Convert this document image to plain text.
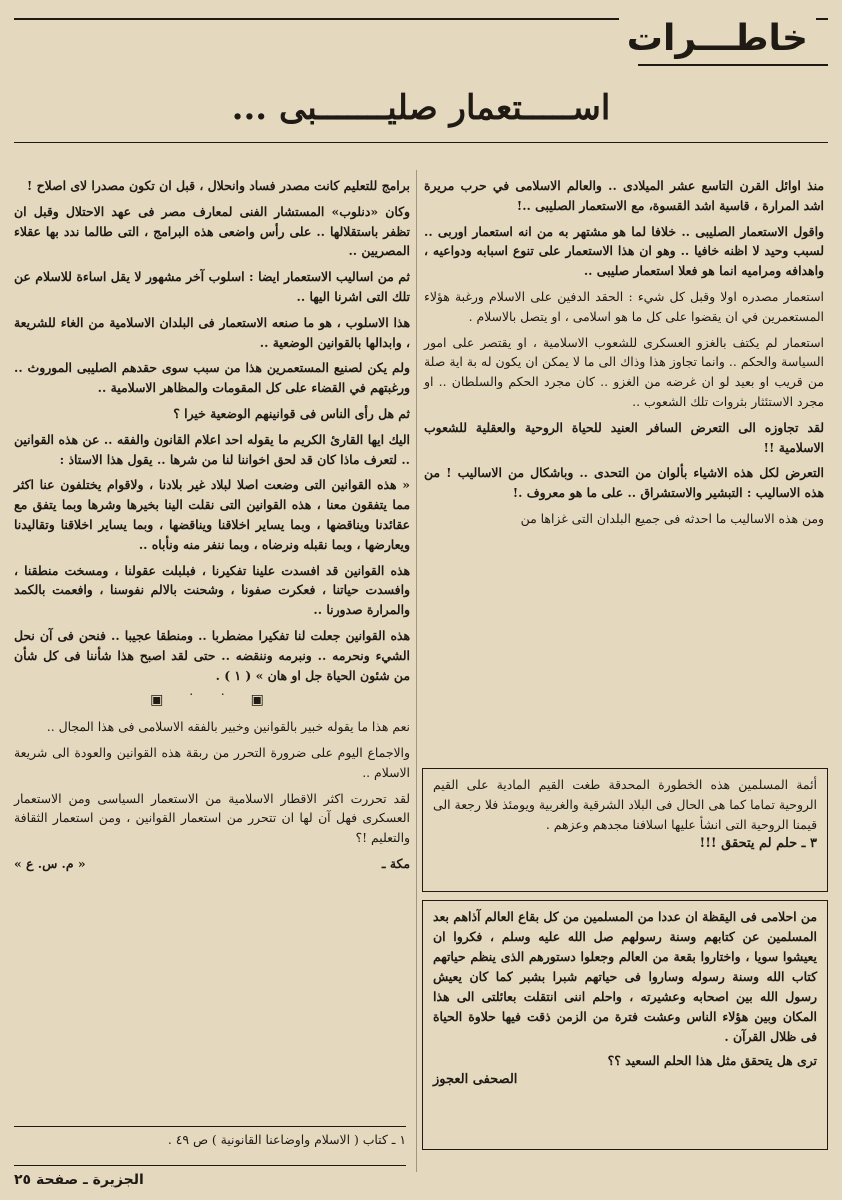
خاطـــرات
اســـــتعمار صليـــــــبى ...

منذ اوائل القرن التاسع عشر الميلادى .. والعالم الاسلامى في حرب مريرة اشد المرارة ، قاسية اشد القسوة، مع الاستعمار الصليبى ..!

واقول الاستعمار الصليبى .. خلافا لما هو مشتهر به من انه استعمار اوربى .. لسبب وحيد لا اظنه خافيا .. وهو ان هذا الاستعمار على تنوع اسبابه ودواعيه ، واهدافه ومراميه انما هو فعلا استعمار صليبى ..

استعمار مصدره اولا وقبل كل شيء : الحقد الدفين على الاسلام ورغبة هؤلاء المستعمرين في ان يقضوا على كل ما هو اسلامى ، او يتصل بالاسلام .

استعمار لم يكتف بالغزو العسكرى للشعوب الاسلامية ، او يقتصر على امور السياسة والحكم .. وانما تجاوز هذا وذاك الى ما لا يمكن ان يكون له بة اية صلة من قريب او بعيد لو ان غرضه من الغزو .. كان مجرد الحكم والسلطان .. او مجرد الاستئثار بثروات تلك الشعوب ..

لقد تجاوزه الى التعرض السافر العنيد للحياة الروحية والعقلية للشعوب الاسلامية !!

التعرض لكل هذه الاشياء بألوان من التحدى .. وباشكال من الاساليب ! من هذه الاساليب : التبشير والاستشراق .. على ما هو معروف .!

ومن هذه الاساليب ما احدثه فى جميع البلدان التى غزاها من

أئمة المسلمين هذه الخطورة المحدقة طغت القيم المادية على القيم الروحية تماما كما هى الحال فى البلاد الشرقية والغربية ويومئذ فلا رجعة الى قيمنا الروحية التى انشأ عليها اسلافنا مجدهم وعزهم .
٣ ـ حلم لم يتحقق !!!
من احلامى فى اليقظة ان عددا من المسلمين من كل بقاع العالم آذاهم بعد المسلمين عن كتابهم وسنة رسولهم صل الله عليه وسلم ، فكروا ان يعيشوا سويا ، واختاروا بقعة من العالم وجعلوا دستورهم الذى ينظم حياتهم كتاب الله وسنة رسوله وساروا فى حياتهم شبرا بشبر كما كان يعيش رسول الله بين اصحابه وعشيرته ، واحلم اننى انتقلت بعائلتى الى هذا المكان وبين هؤلاء الناس وعشت فترة من الزمن ذقت فيها حلاوة الحياة فى ظلال القرآن .
ترى هل يتحقق مثل هذا الحلم السعيد ؟؟
الصحفى العجوز

برامج للتعليم كانت مصدر فساد وانحلال ، قبل ان تكون مصدرا لاى اصلاح !

وكان «دنلوب» المستشار الفنى لمعارف مصر فى عهد الاحتلال وقبل ان تظفر باستقلالها .. على رأس واضعى هذه البرامج ، التى طالما ندد بها عقلاء المصريين ..

ثم من اساليب الاستعمار ايضا : اسلوب آخر مشهور لا يقل اساءة للاسلام عن تلك التى اشرنا اليها ..

هذا الاسلوب ، هو ما صنعه الاستعمار فى البلدان الاسلامية من الغاء للشريعة ، وابدالها بالقوانين الوضعية ..

ولم يكن لصنيع المستعمرين هذا من سبب سوى حقدهم الصليبى الموروث .. ورغبتهم في القضاء على كل المقومات والمظاهر الاسلامية ..

ثم هل رأى الناس فى قوانينهم الوضعية خيرا ؟

اليك ايها القارئ الكريم ما يقوله احد اعلام القانون والفقه .. عن هذه القوانين .. لتعرف ماذا كان قد لحق اخواننا لنا من شرها .. يقول هذا الاستاذ :

« هذه القوانين التى وضعت اصلا لبلاد غير بلادنا ، ولاقوام يختلفون عنا اكثر مما يتفقون معنا ، هذه القوانين التى نقلت الينا بخيرها وشرها وبما يتفق مع عقائدنا ويناقضها ، وبما يساير اخلاقنا ويناقضها ، وبما يساير اخلاقنا وتقاليدنا ويعارضها ، وبما نقبله ونرضاه ، وبما ننفر منه ونأباه ..

هذه القوانين قد افسدت علينا تفكيرنا ، فبلبلت عقولنا ، ومسخت منطقنا ، وافسدت حياتنا ، فعكرت صفونا ، وشحنت بالالم نفوسنا ، وافعمت بالكمد والمرارة صدورنا ..

هذه القوانين جعلت لنا تفكيرا مضطربا .. ومنطقا عجيبا .. فنحن فى آن نحل الشيء ونحرمه .. ونبرمه وننقضه .. حتى لقد اصبح هذا شأننا فى كل شأن من شئون الحياة جل او هان » ( ١ ) .

▣ ˙ ˙ ▣

نعم هذا ما يقوله خبير بالقوانين وخبير بالفقه الاسلامى فى هذا المجال ..

والاجماع اليوم على ضرورة التحرر من ربقة هذه القوانين والعودة الى شريعة الاسلام ..

لقد تحررت اكثر الاقطار الاسلامية من الاستعمار السياسى ومن الاستعمار العسكرى فهل آن لها ان تتحرر من استعمار القوانين ، ومن استعمار الثقافة والتعليم !؟

مكة ـ
« م. س. ع »
١ ـ كتاب ( الاسلام واوضاعنا القانونية ) ص ٤٩ .
الجزيرة ـ صفحة ٢٥
